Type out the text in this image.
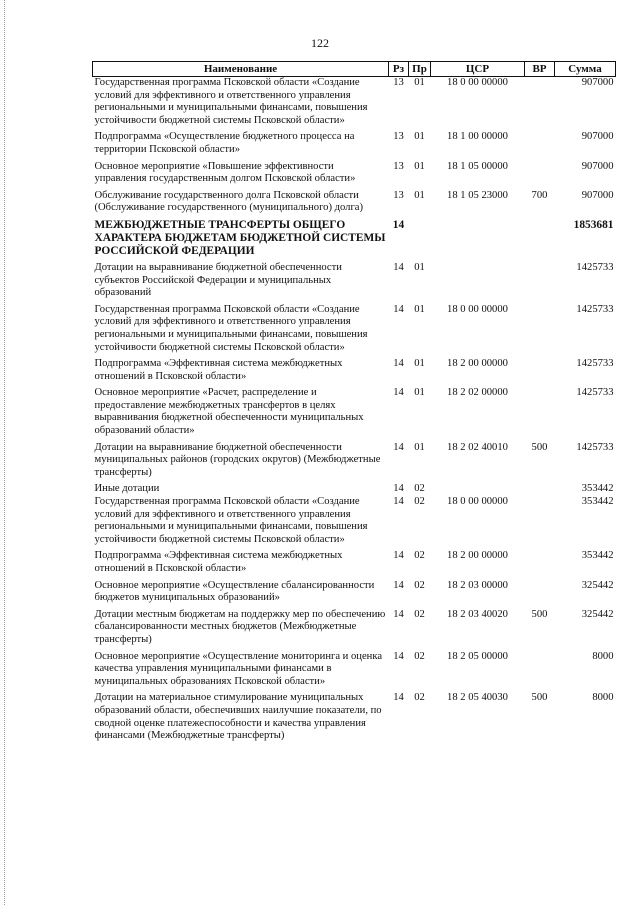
122
Наименование	Рз	Пр	ЦСР	ВР	Сумма
Государственная программа Псковской области «Создание условий для эффективного и ответственного управления региональными и муниципальными финансами, повышения устойчивости бюджетной системы Псковской области»	13	01	18 0 00 00000		907000
Подпрограмма «Осуществление бюджетного процесса на территории Псковской области»	13	01	18 1 00 00000		907000
Основное мероприятие «Повышение эффективности управления государственным долгом Псковской области»	13	01	18 1 05 00000		907000
Обслуживание государственного долга Псковской области (Обслуживание государственного (муниципального) долга)	13	01	18 1 05 23000	700	907000
МЕЖБЮДЖЕТНЫЕ ТРАНСФЕРТЫ ОБЩЕГО ХАРАКТЕРА БЮДЖЕТАМ БЮДЖЕТНОЙ СИСТЕМЫ РОССИЙСКОЙ ФЕДЕРАЦИИ	14				1853681
Дотации на выравнивание бюджетной обеспеченности субъектов Российской Федерации и муниципальных образований	14	01			1425733
Государственная программа Псковской области «Создание условий для эффективного и ответственного управления региональными и муниципальными финансами, повышения устойчивости бюджетной системы Псковской области»	14	01	18 0 00 00000		1425733
Подпрограмма «Эффективная система межбюджетных отношений в Псковской области»	14	01	18 2 00 00000		1425733
Основное мероприятие «Расчет, распределение и предоставление межбюджетных трансфертов в целях выравнивания бюджетной обеспеченности муниципальных образований области»	14	01	18 2 02 00000		1425733
Дотации на выравнивание бюджетной обеспеченности муниципальных районов (городских округов) (Межбюджетные трансферты)	14	01	18 2 02 40010	500	1425733
Иные дотации	14	02			353442
Государственная программа Псковской области «Создание условий для эффективного и ответственного управления региональными и муниципальными финансами, повышения устойчивости бюджетной системы Псковской области»	14	02	18 0 00 00000		353442
Подпрограмма «Эффективная система межбюджетных отношений в Псковской области»	14	02	18 2 00 00000		353442
Основное мероприятие «Осуществление сбалансированности бюджетов муниципальных образований»	14	02	18 2 03 00000		325442
Дотации местным бюджетам на поддержку мер по обеспечению сбалансированности местных бюджетов (Межбюджетные трансферты)	14	02	18 2 03 40020	500	325442
Основное мероприятие «Осуществление мониторинга и оценка качества управления муниципальными финансами в муниципальных образованиях Псковской области»	14	02	18 2 05 00000		8000
Дотации на материальное стимулирование муниципальных образований области, обеспечивших наилучшие показатели, по сводной оценке платежеспособности и качества управления финансами (Межбюджетные трансферты)	14	02	18 2 05 40030	500	8000
